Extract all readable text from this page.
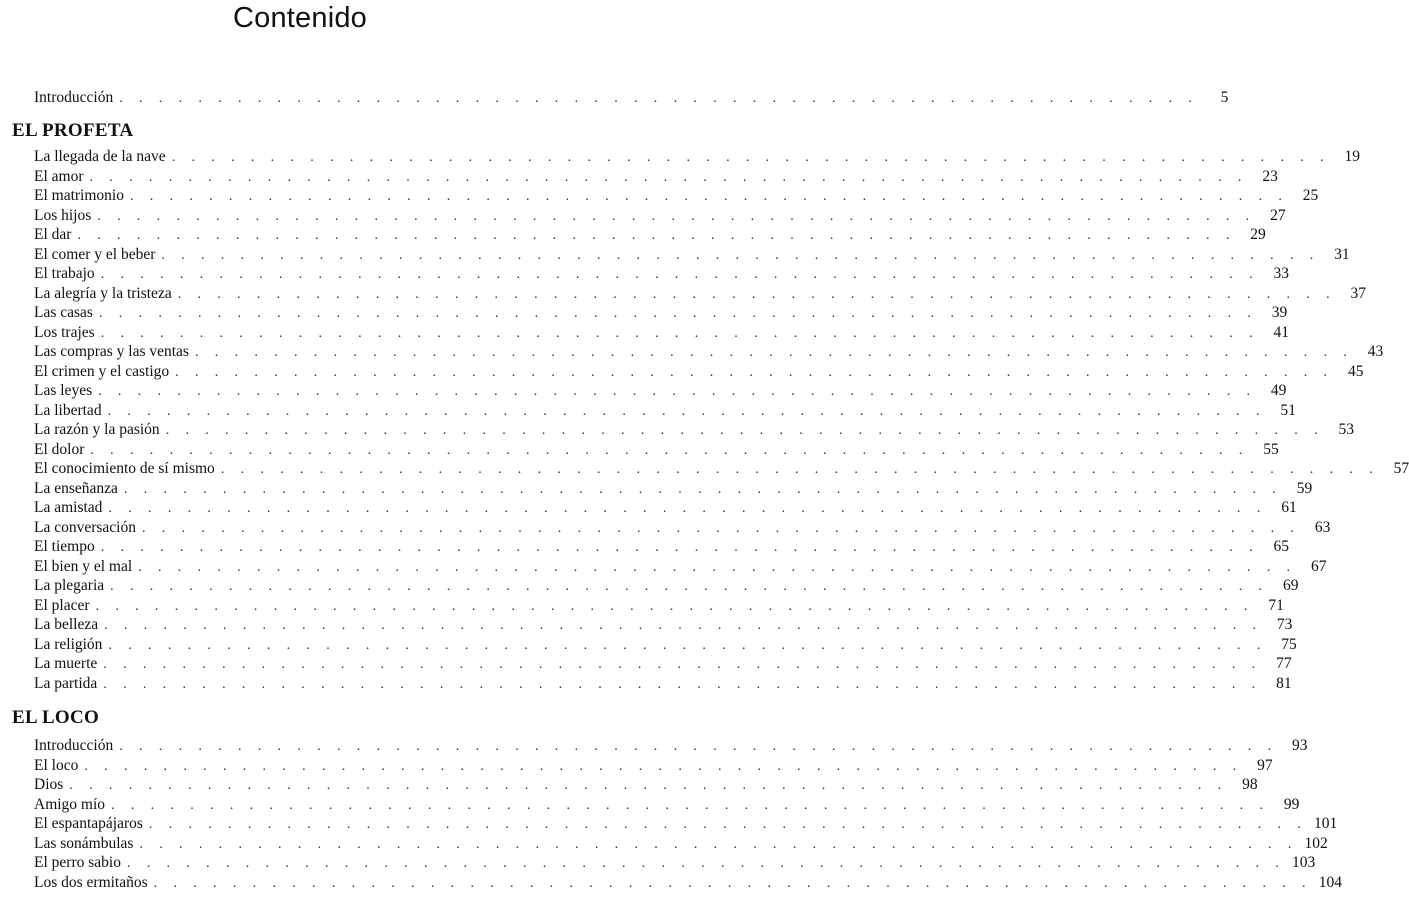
Contenido
Introducción . . . . . . . . . . . . . . . . . . . . . . . . . . . . . . . . . . . . . . . . . . . . . . . . . . . . . . .	5
EL PROFETA
La llegada de la nave . . . . . . . . . . . . . . . . . . . . . . . . . . . . . . . . . . . . . . . . . . . . . . . . . . . . . . . . . . . 19
El amor . . . . . . . . . . . . . . . . . . . . . . . . . . . . . . . . . . . . . . . . . . . . . . . . . . . . . . . . . . . 23
El matrimonio . . . . . . . . . . . . . . . . . . . . . . . . . . . . . . . . . . . . . . . . . . . . . . . . . . . . . . . . . . . 25
Los hijos . . . . . . . . . . . . . . . . . . . . . . . . . . . . . . . . . . . . . . . . . . . . . . . . . . . . . . . . . . . 27
El dar . . . . . . . . . . . . . . . . . . . . . . . . . . . . . . . . . . . . . . . . . . . . . . . . . . . . . . . . . . . 29
El comer y el beber . . . . . . . . . . . . . . . . . . . . . . . . . . . . . . . . . . . . . . . . . . . . . . . . . . . . . . . . . . . 31
El trabajo . . . . . . . . . . . . . . . . . . . . . . . . . . . . . . . . . . . . . . . . . . . . . . . . . . . . . . . . . . . 33
La alegría y la tristeza . . . . . . . . . . . . . . . . . . . . . . . . . . . . . . . . . . . . . . . . . . . . . . . . . . . . . . . . . . . 37
Las casas . . . . . . . . . . . . . . . . . . . . . . . . . . . . . . . . . . . . . . . . . . . . . . . . . . . . . . . . . . . 39
Los trajes . . . . . . . . . . . . . . . . . . . . . . . . . . . . . . . . . . . . . . . . . . . . . . . . . . . . . . . . . . . 41
Las compras y las ventas . . . . . . . . . . . . . . . . . . . . . . . . . . . . . . . . . . . . . . . . . . . . . . . . . . . . . . . . . . . 43
El crimen y el castigo . . . . . . . . . . . . . . . . . . . . . . . . . . . . . . . . . . . . . . . . . . . . . . . . . . . . . . . . . . . 45
Las leyes . . . . . . . . . . . . . . . . . . . . . . . . . . . . . . . . . . . . . . . . . . . . . . . . . . . . . . . . . . . 49
La libertad . . . . . . . . . . . . . . . . . . . . . . . . . . . . . . . . . . . . . . . . . . . . . . . . . . . . . . . . . . . 51
La razón y la pasión . . . . . . . . . . . . . . . . . . . . . . . . . . . . . . . . . . . . . . . . . . . . . . . . . . . . . . . . . . . 53
El dolor . . . . . . . . . . . . . . . . . . . . . . . . . . . . . . . . . . . . . . . . . . . . . . . . . . . . . . . . . . . 55
El conocimiento de sí mismo . . . . . . . . . . . . . . . . . . . . . . . . . . . . . . . . . . . . . . . . . . . . . . . . . . . . . . . . . . . 57
La enseñanza . . . . . . . . . . . . . . . . . . . . . . . . . . . . . . . . . . . . . . . . . . . . . . . . . . . . . . . . . . . 59
La amistad . . . . . . . . . . . . . . . . . . . . . . . . . . . . . . . . . . . . . . . . . . . . . . . . . . . . . . . . . . . 61
La conversación . . . . . . . . . . . . . . . . . . . . . . . . . . . . . . . . . . . . . . . . . . . . . . . . . . . . . . . . . . . 63
El tiempo . . . . . . . . . . . . . . . . . . . . . . . . . . . . . . . . . . . . . . . . . . . . . . . . . . . . . . . . . . . 65
El bien y el mal . . . . . . . . . . . . . . . . . . . . . . . . . . . . . . . . . . . . . . . . . . . . . . . . . . . . . . . . . . . 67
La plegaria . . . . . . . . . . . . . . . . . . . . . . . . . . . . . . . . . . . . . . . . . . . . . . . . . . . . . . . . . . . 69
El placer . . . . . . . . . . . . . . . . . . . . . . . . . . . . . . . . . . . . . . . . . . . . . . . . . . . . . . . . . . . 71
La belleza . . . . . . . . . . . . . . . . . . . . . . . . . . . . . . . . . . . . . . . . . . . . . . . . . . . . . . . . . . . 73
La religión . . . . . . . . . . . . . . . . . . . . . . . . . . . . . . . . . . . . . . . . . . . . . . . . . . . . . . . . . . . 75
La muerte . . . . . . . . . . . . . . . . . . . . . . . . . . . . . . . . . . . . . . . . . . . . . . . . . . . . . . . . . . . 77
La partida . . . . . . . . . . . . . . . . . . . . . . . . . . . . . . . . . . . . . . . . . . . . . . . . . . . . . . . . . . . 81
EL LOCO
Introducción . . . . . . . . . . . . . . . . . . . . . . . . . . . . . . . . . . . . . . . . . . . . . . . . . . . . . . . . . . . 93
El loco . . . . . . . . . . . . . . . . . . . . . . . . . . . . . . . . . . . . . . . . . . . . . . . . . . . . . . . . . . . 97
Dios . . . . . . . . . . . . . . . . . . . . . . . . . . . . . . . . . . . . . . . . . . . . . . . . . . . . . . . . . . . 98
Amigo mío . . . . . . . . . . . . . . . . . . . . . . . . . . . . . . . . . . . . . . . . . . . . . . . . . . . . . . . . . . . 99
El espantapájaros . . . . . . . . . . . . . . . . . . . . . . . . . . . . . . . . . . . . . . . . . . . . . . . . . . . . . . . . . . . 101
Las sonámbulas . . . . . . . . . . . . . . . . . . . . . . . . . . . . . . . . . . . . . . . . . . . . . . . . . . . . . . . . . . . 102
El perro sabio . . . . . . . . . . . . . . . . . . . . . . . . . . . . . . . . . . . . . . . . . . . . . . . . . . . . . . . . . . . 103
Los dos ermitaños . . . . . . . . . . . . . . . . . . . . . . . . . . . . . . . . . . . . . . . . . . . . . . . . . . . . . . . . . . . 104
